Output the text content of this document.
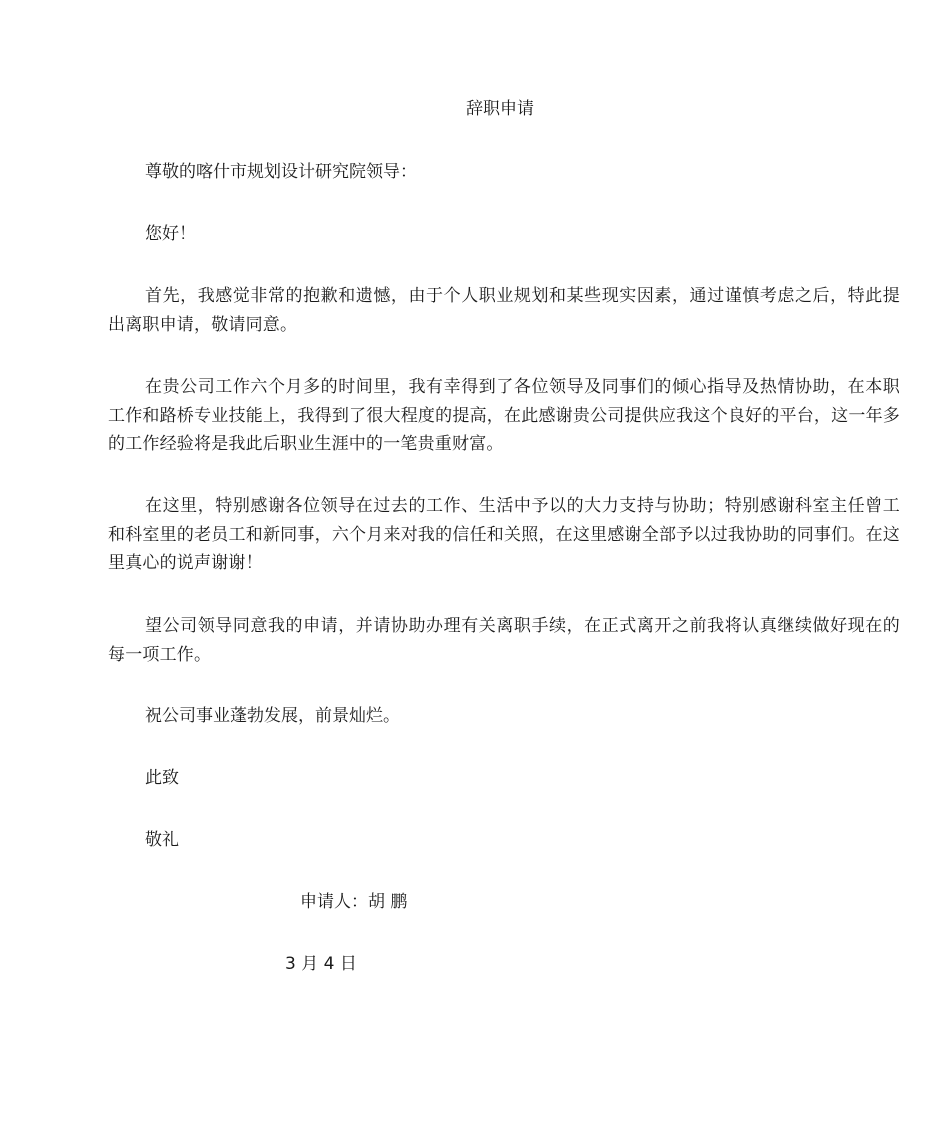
辞职申请

尊敬的喀什市规划设计研究院领导：

您好！

首先，我感觉非常的抱歉和遗憾，由于个人职业规划和某些现实因素，通过谨慎考虑之后，特此提出离职申请，敬请同意。

在贵公司工作六个月多的时间里，我有幸得到了各位领导及同事们的倾心指导及热情协助，在本职工作和路桥专业技能上，我得到了很大程度的提高，在此感谢贵公司提供应我这个良好的平台，这一年多的工作经验将是我此后职业生涯中的一笔贵重财富。

在这里，特别感谢各位领导在过去的工作、生活中予以的大力支持与协助；特别感谢科室主任曾工和科室里的老员工和新同事，六个月来对我的信任和关照，在这里感谢全部予以过我协助的同事们。在这里真心的说声谢谢！

望公司领导同意我的申请，并请协助办理有关离职手续，在正式离开之前我将认真继续做好现在的每一项工作。

祝公司事业蓬勃发展，前景灿烂。

此致

敬礼

申请人：胡 鹏
3 月 4 日
